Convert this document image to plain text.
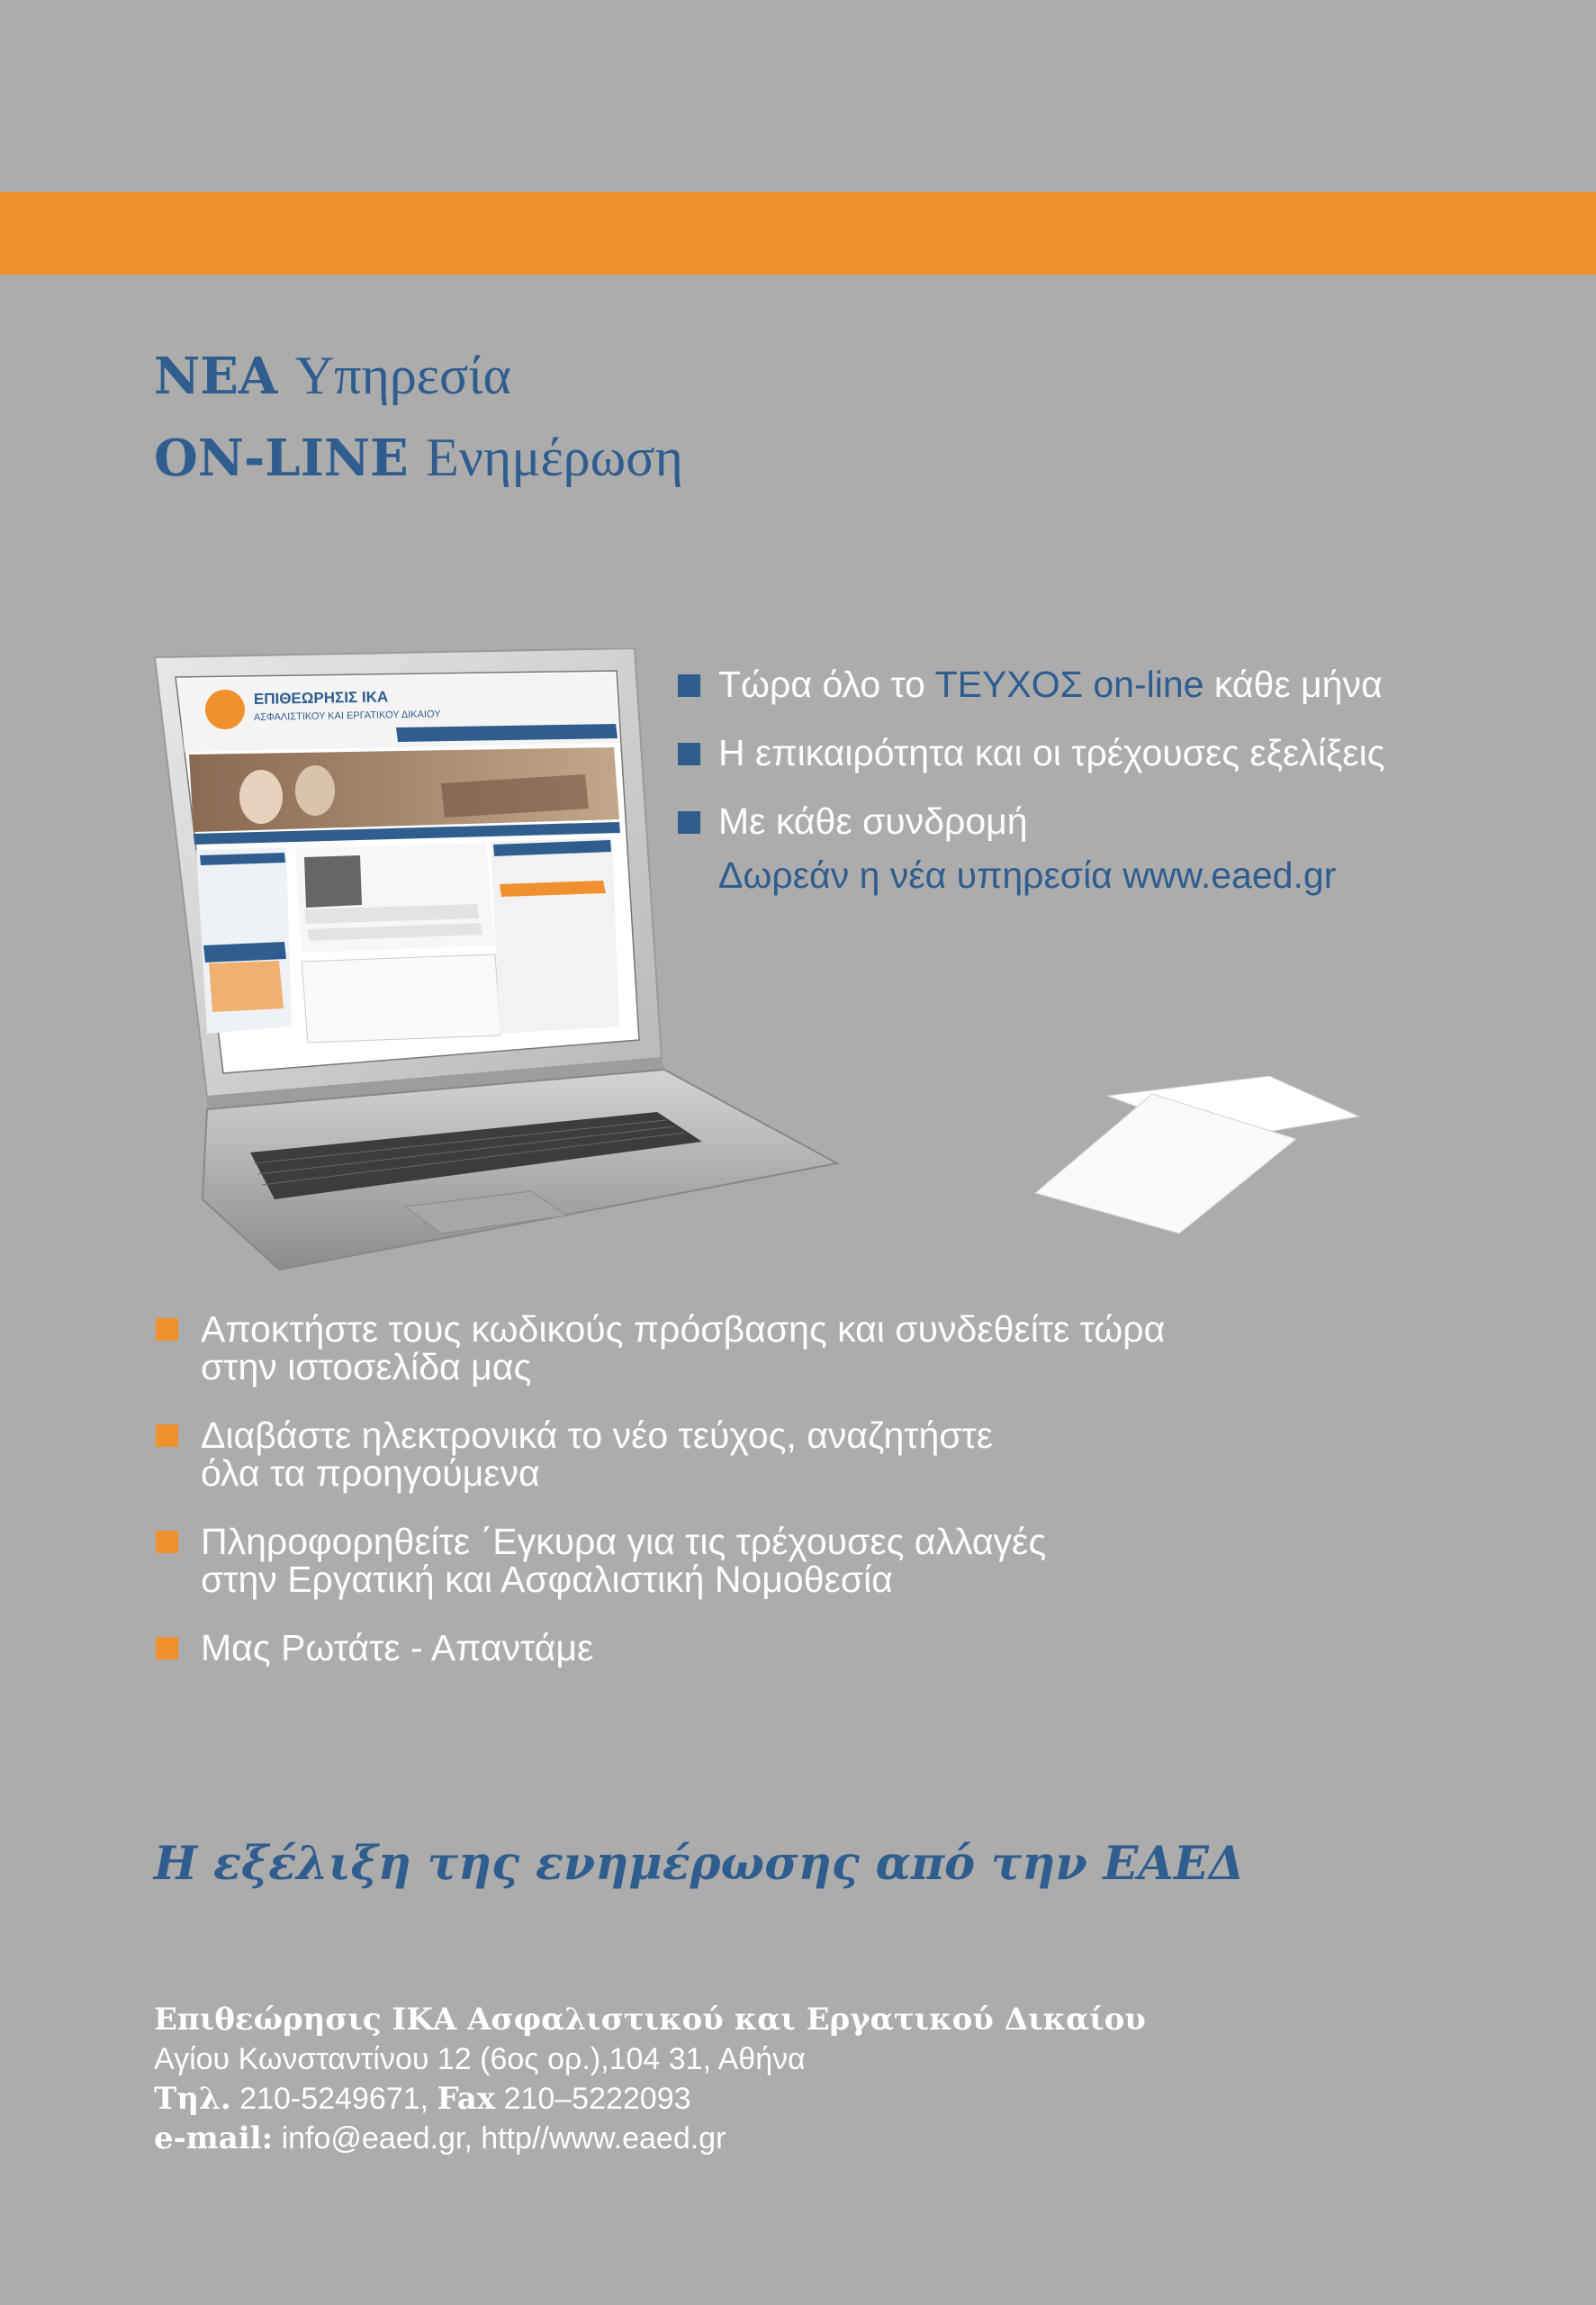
ΝΕΑ Υπηρεσία
ON-LINE Ενημέρωση
ΕΠΙΘΕΩΡΗΣΙΣ ΙΚΑ
ΑΣΦΑΛΙΣΤΙΚΟΥ ΚΑΙ ΕΡΓΑΤΙΚΟΥ ΔΙΚΑΙΟΥ
Τώρα όλο το ΤΕΥΧΟΣ on-line κάθε μήνα
Η επικαιρότητα και οι τρέχουσες εξελίξεις
Με κάθε συνδρομή
Δωρεάν η νέα υπηρεσία www.eaed.gr
Αποκτήστε τους κωδικούς πρόσβασης και συνδεθείτε τώρα
στην ιστοσελίδα μας
Διαβάστε ηλεκτρονικά το νέο τεύχος, αναζητήστε
όλα τα προηγούμενα
Πληροφορηθείτε ΄Εγκυρα για τις τρέχουσες αλλαγές
στην Εργατική και Ασφαλιστική Νομοθεσία
Μας Ρωτάτε - Απαντάμε
Η εξέλιξη της ενημέρωσης από την ΕΑΕΔ
Επιθεώρησις ΙΚΑ Ασφαλιστικού και Εργατικού Δικαίου
Αγίου Κωνσταντίνου 12 (6ος ορ.),104 31, Αθήνα
Τηλ. 210-5249671, Fax 210–5222093
e-mail: info@eaed.gr, http//www.eaed.gr
